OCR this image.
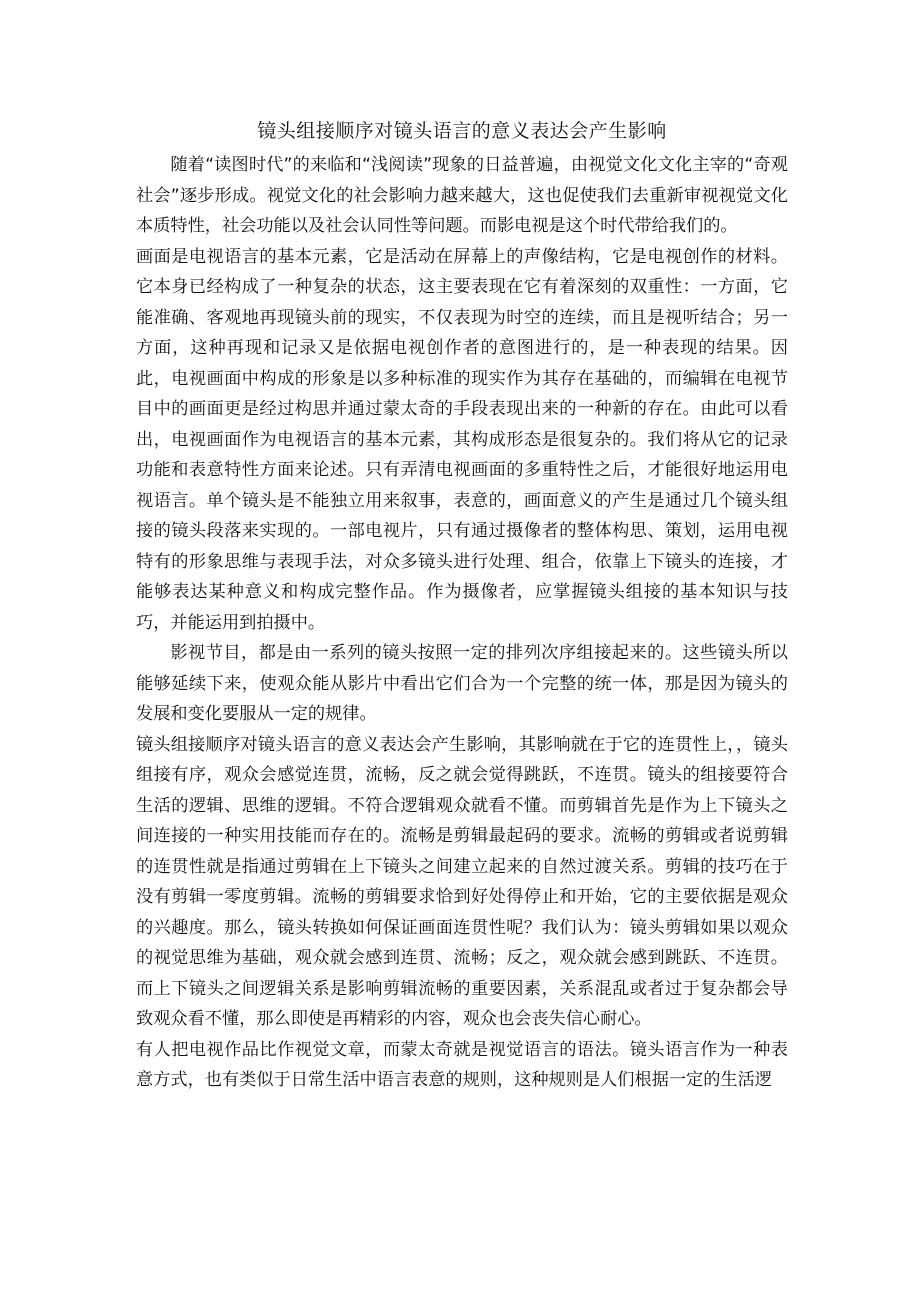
镜头组接顺序对镜头语言的意义表达会产生影响

随着“读图时代”的来临和“浅阅读”现象的日益普遍，由视觉文化文化主宰的“奇观社会”逐步形成。视觉文化的社会影响力越来越大，这也促使我们去重新审视视觉文化本质特性，社会功能以及社会认同性等问题。而影电视是这个时代带给我们的。

画面是电视语言的基本元素，它是活动在屏幕上的声像结构，它是电视创作的材料。它本身已经构成了一种复杂的状态，这主要表现在它有着深刻的双重性：一方面，它能准确、客观地再现镜头前的现实，不仅表现为时空的连续，而且是视听结合；另一方面，这种再现和记录又是依据电视创作者的意图进行的，是一种表现的结果。因此，电视画面中构成的形象是以多种标准的现实作为其存在基础的，而编辑在电视节目中的画面更是经过构思并通过蒙太奇的手段表现出来的一种新的存在。由此可以看出，电视画面作为电视语言的基本元素，其构成形态是很复杂的。我们将从它的记录功能和表意特性方面来论述。只有弄清电视画面的多重特性之后，才能很好地运用电视语言。单个镜头是不能独立用来叙事，表意的，画面意义的产生是通过几个镜头组接的镜头段落来实现的。一部电视片，只有通过摄像者的整体构思、策划，运用电视特有的形象思维与表现手法，对众多镜头进行处理、组合，依靠上下镜头的连接，才能够表达某种意义和构成完整作品。作为摄像者，应掌握镜头组接的基本知识与技巧，并能运用到拍摄中。

影视节目，都是由一系列的镜头按照一定的排列次序组接起来的。这些镜头所以能够延续下来，使观众能从影片中看出它们合为一个完整的统一体，那是因为镜头的发展和变化要服从一定的规律。

镜头组接顺序对镜头语言的意义表达会产生影响，其影响就在于它的连贯性上，，镜头组接有序，观众会感觉连贯，流畅，反之就会觉得跳跃，不连贯。镜头的组接要符合生活的逻辑、思维的逻辑。不符合逻辑观众就看不懂。而剪辑首先是作为上下镜头之间连接的一种实用技能而存在的。流畅是剪辑最起码的要求。流畅的剪辑或者说剪辑的连贯性就是指通过剪辑在上下镜头之间建立起来的自然过渡关系。剪辑的技巧在于没有剪辑一零度剪辑。流畅的剪辑要求恰到好处得停止和开始，它的主要依据是观众的兴趣度。那么，镜头转换如何保证画面连贯性呢？我们认为：镜头剪辑如果以观众的视觉思维为基础，观众就会感到连贯、流畅；反之，观众就会感到跳跃、不连贯。而上下镜头之间逻辑关系是影响剪辑流畅的重要因素，关系混乱或者过于复杂都会导致观众看不懂，那么即使是再精彩的内容，观众也会丧失信心耐心。

有人把电视作品比作视觉文章，而蒙太奇就是视觉语言的语法。镜头语言作为一种表意方式，也有类似于日常生活中语言表意的规则，这种规则是人们根据一定的生活逻
